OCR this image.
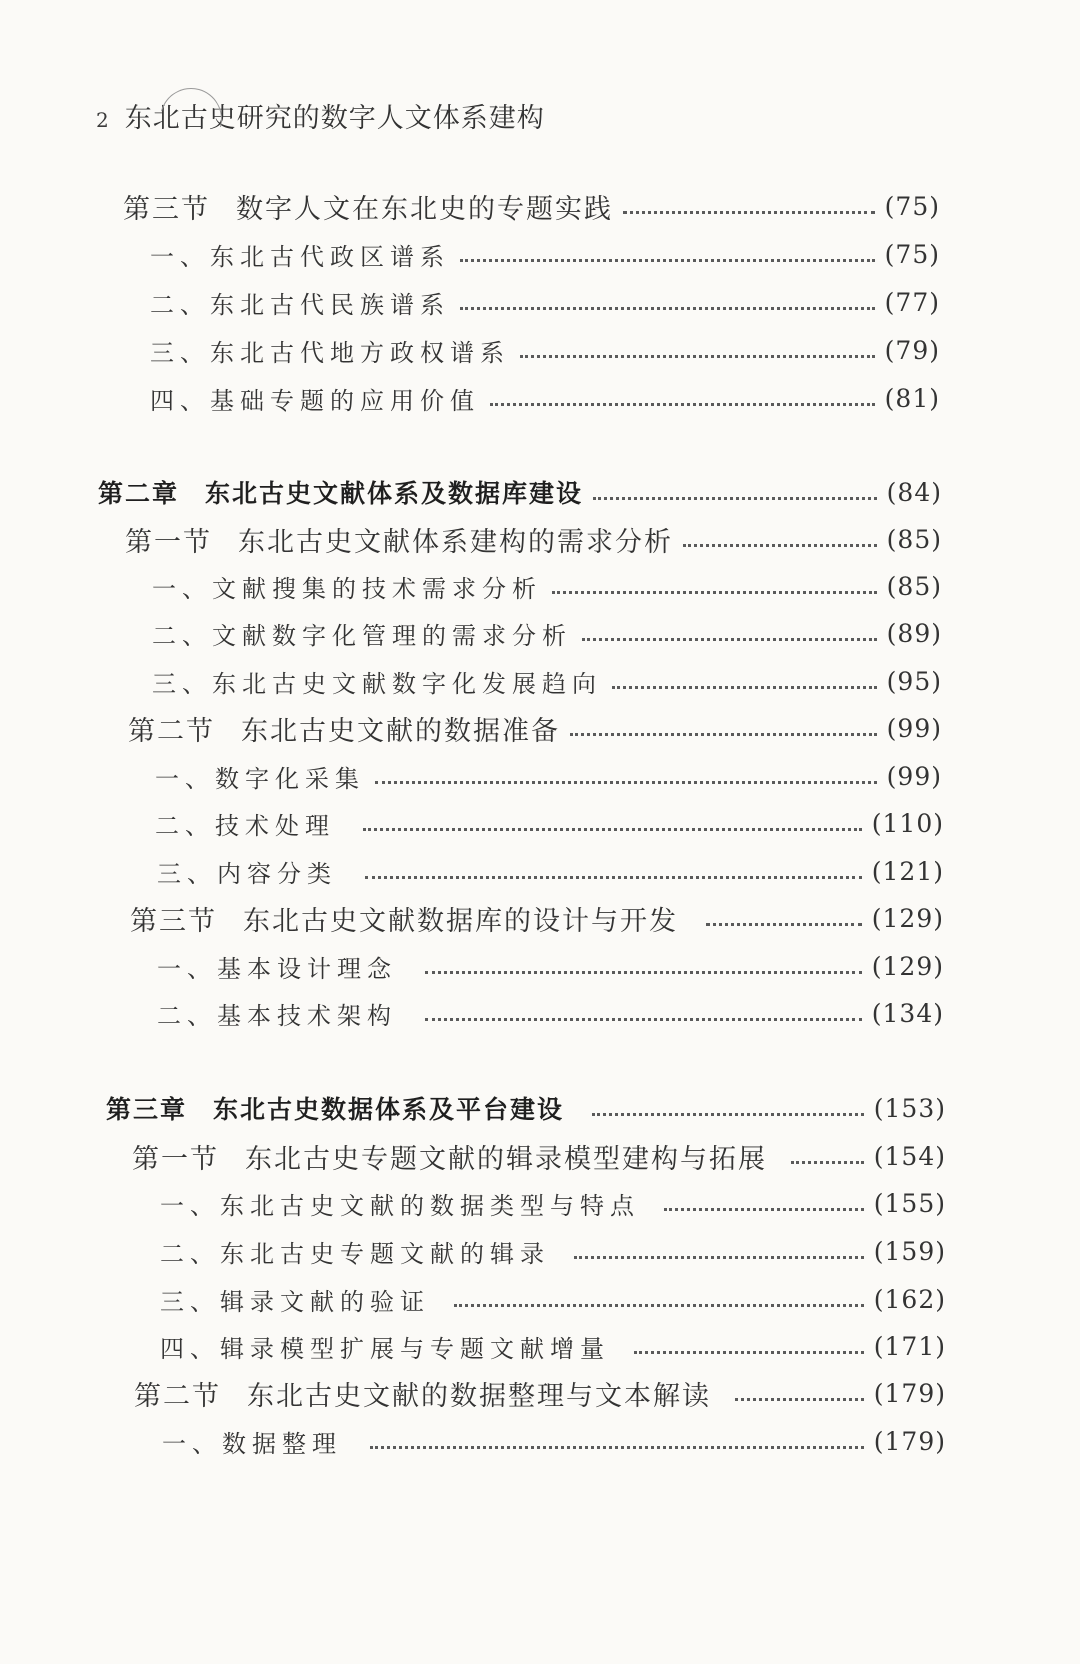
2 东北古史研究的数字人文体系建构
第三节 数字人文在东北史的专题实践	(75)
一、东北古代政区谱系	(75)
二、东北古代民族谱系	(77)
三、东北古代地方政权谱系	(79)
四、基础专题的应用价值	(81)
第二章 东北古史文献体系及数据库建设	(84)
第一节 东北古史文献体系建构的需求分析	(85)
一、文献搜集的技术需求分析	(85)
二、文献数字化管理的需求分析	(89)
三、东北古史文献数字化发展趋向	(95)
第二节 东北古史文献的数据准备	(99)
一、数字化采集	(99)
二、技术处理	(110)
三、内容分类	(121)
第三节 东北古史文献数据库的设计与开发	(129)
一、基本设计理念	(129)
二、基本技术架构	(134)
第三章 东北古史数据体系及平台建设	(153)
第一节 东北古史专题文献的辑录模型建构与拓展	(154)
一、东北古史文献的数据类型与特点	(155)
二、东北古史专题文献的辑录	(159)
三、辑录文献的验证	(162)
四、辑录模型扩展与专题文献增量	(171)
第二节 东北古史文献的数据整理与文本解读	(179)
一、数据整理	(179)
